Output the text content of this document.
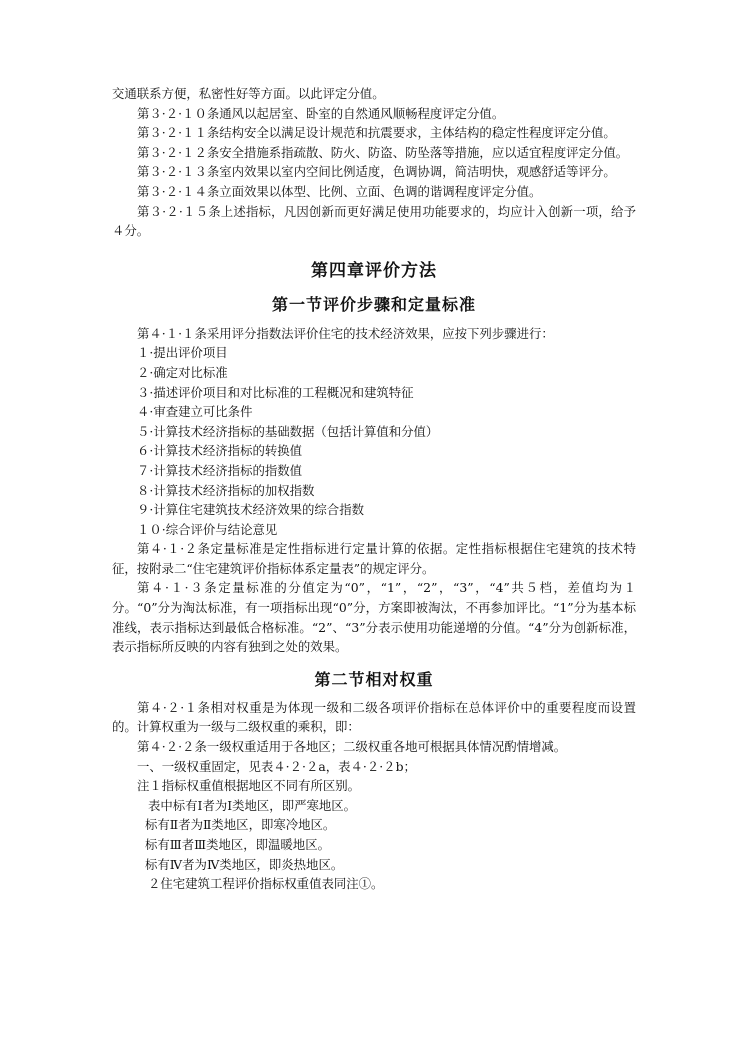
交通联系方便，私密性好等方面。以此评定分值。

第３·２·１０条通风以起居室、卧室的自然通风顺畅程度评定分值。

第３·２·１１条结构安全以满足设计规范和抗震要求，主体结构的稳定性程度评定分值。

第３·２·１２条安全措施系指疏散、防火、防盗、防坠落等措施，应以适宜程度评定分值。

第３·２·１３条室内效果以室内空间比例适度，色调协调，简洁明快，观感舒适等评分。

第３·２·１４条立面效果以体型、比例、立面、色调的谐调程度评定分值。

第３·２·１５条上述指标，凡因创新而更好满足使用功能要求的，均应计入创新一项，给予４分。

第四章评价方法
第一节评价步骤和定量标准

第４·１·１条采用评分指数法评价住宅的技术经济效果，应按下列步骤进行：

１·提出评价项目

２·确定对比标准

３·描述评价项目和对比标准的工程概况和建筑特征

４·审查建立可比条件

５·计算技术经济指标的基础数据（包括计算值和分值）

６·计算技术经济指标的转换值

７·计算技术经济指标的指数值

８·计算技术经济指标的加权指数

９·计算住宅建筑技术经济效果的综合指数

１０·综合评价与结论意见

第４·１·２条定量标准是定性指标进行定量计算的依据。定性指标根据住宅建筑的技术特征，按附录二“住宅建筑评价指标体系定量表”的规定评分。

第４·１·３条定量标准的分值定为“0”，“1”，“2”，“3”，“4”共５档，差值均为１分。“0”分为淘汰标准，有一项指标出现“0”分，方案即被淘汰，不再参加评比。“1”分为基本标准线，表示指标达到最低合格标准。“2”、“3”分表示使用功能递增的分值。“4”分为创新标准，表示指标所反映的内容有独到之处的效果。

第二节相对权重

第４·２·１条相对权重是为体现一级和二级各项评价指标在总体评价中的重要程度而设置的。计算权重为一级与二级权重的乘积，即：

第４·２·２条一级权重适用于各地区；二级权重各地可根据具体情况酌情增减。

一、一级权重固定，见表４·２·２a，表４·２·２b；

注１指标权重值根据地区不同有所区别。

表中标有Ⅰ者为Ⅰ类地区，即严寒地区。

标有Ⅱ者为Ⅱ类地区，即寒冷地区。

标有Ⅲ者Ⅲ类地区，即温暖地区。

标有Ⅳ者为Ⅳ类地区，即炎热地区。

２住宅建筑工程评价指标权重值表同注①。
